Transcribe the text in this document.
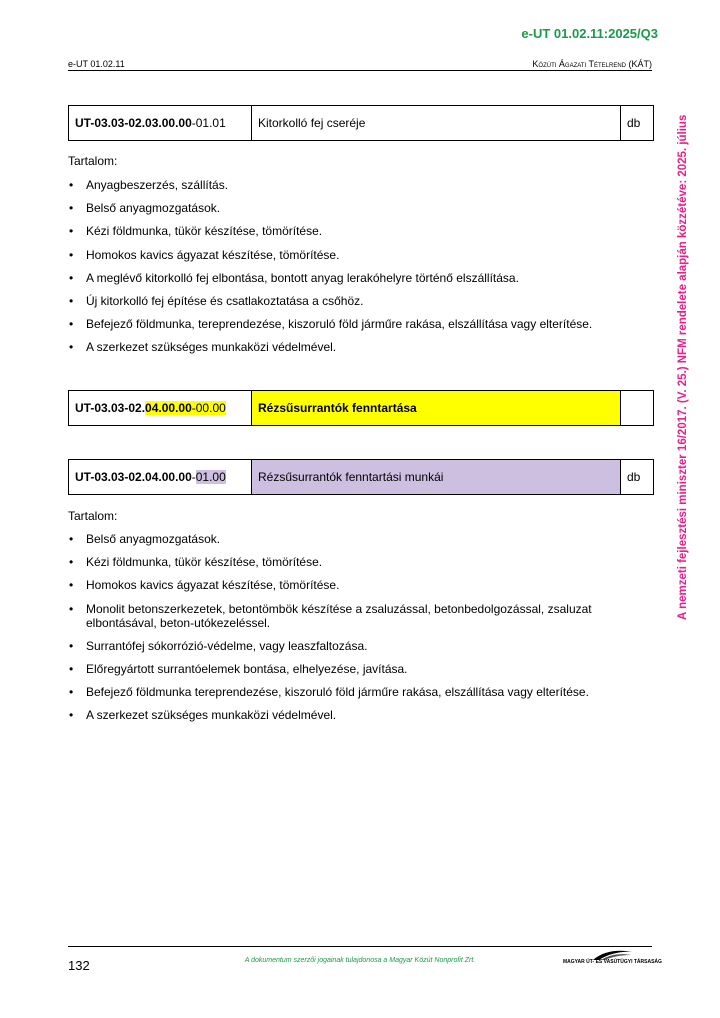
e-UT 01.02.11:2025/Q3
e-UT 01.02.11	Közúti Ágazati Tételrend (KÁT)
A nemzeti fejlesztési miniszter 16/2017. (V. 25.) NFM rendelete alapján közzétéve: 2025. július
UT-03.03-02.03.00.00-01.01	Kitorkolló fej cseréje	db
Tartalom:
• Anyagbeszerzés, szállítás.
• Belső anyagmozgatások.
• Kézi földmunka, tükör készítése, tömörítése.
• Homokos kavics ágyazat készítése, tömörítése.
• A meglévő kitorkolló fej elbontása, bontott anyag lerakóhelyre történő elszállítása.
• Új kitorkolló fej építése és csatlakoztatása a csőhöz.
• Befejező földmunka, tereprendezése, kiszoruló föld járműre rakása, elszállítása vagy elterítése.
• A szerkezet szükséges munkaközi védelmével.
UT-03.03-02.04.00.00-00.00	Rézsűsurrantók fenntartása	
UT-03.03-02.04.00.00-01.00	Rézsűsurrantók fenntartási munkái	db
Tartalom:
• Belső anyagmozgatások.
• Kézi földmunka, tükör készítése, tömörítése.
• Homokos kavics ágyazat készítése, tömörítése.
• Monolit betonszerkezetek, betontömbök készítése a zsaluzással, betonbedolgozással, zsaluzat elbontásával, beton-utókezeléssel.
• Surrantófej sókorrózió-védelme, vagy leaszfaltozása.
• Előregyártott surrantóelemek bontása, elhelyezése, javítása.
• Befejező földmunka tereprendezése, kiszoruló föld járműre rakása, elszállítása vagy elterítése.
• A szerkezet szükséges munkaközi védelmével.
132	A dokumentum szerzői jogainak tulajdonosa a Magyar Közút Nonprofit Zrt.	MAGYAR ÚT- ÉS VASÚTÜGYI TÁRSASÁG
